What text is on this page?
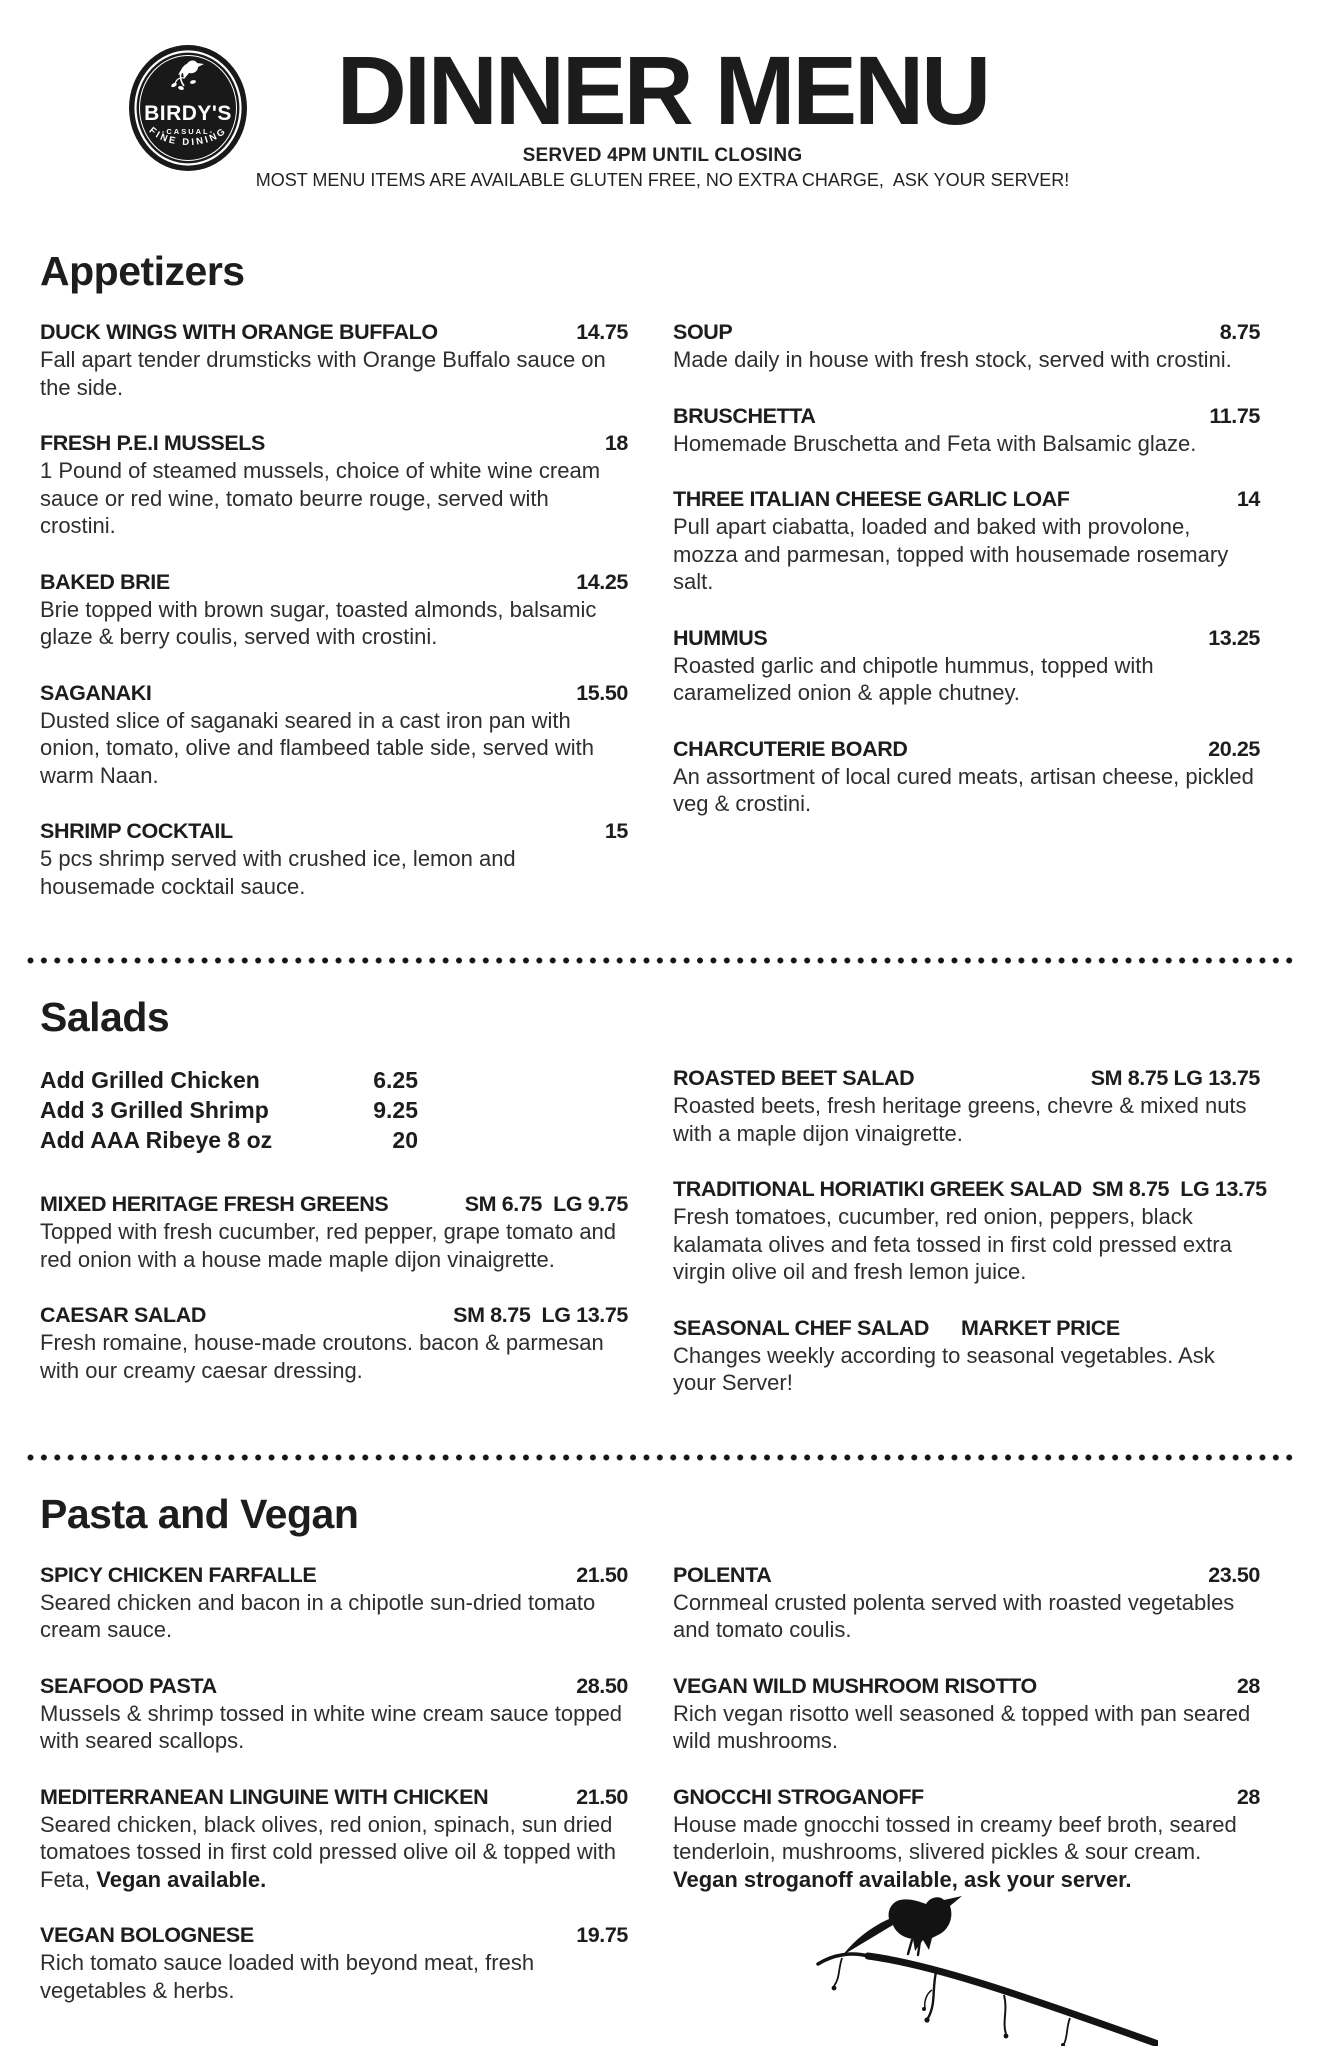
BIRDY'S
-CASUAL-
FINE DINING	DINNER MENU
SERVED 4PM UNTIL CLOSING
MOST MENU ITEMS ARE AVAILABLE GLUTEN FREE, NO EXTRA CHARGE,  ASK YOUR SERVER!
Appetizers
DUCK WINGS WITH ORANGE BUFFALO	14.75
Fall apart tender drumsticks with Orange Buffalo sauce on the side.
FRESH P.E.I MUSSELS	18
1 Pound of steamed mussels, choice of white wine cream sauce or red wine, tomato beurre rouge, served with crostini.
BAKED BRIE	14.25
Brie topped with brown sugar, toasted almonds, balsamic glaze & berry coulis, served with crostini.
SAGANAKI	15.50
Dusted slice of saganaki seared in a cast iron pan with onion, tomato, olive and flambeed table side, served with warm Naan.
SHRIMP COCKTAIL	15
5 pcs shrimp served with crushed ice, lemon and housemade cocktail sauce.
SOUP	8.75
Made daily in house with fresh stock, served with crostini.
BRUSCHETTA	11.75
Homemade Bruschetta and Feta with Balsamic glaze.
THREE ITALIAN CHEESE GARLIC LOAF	14
Pull apart ciabatta, loaded and baked with provolone, mozza and parmesan, topped with housemade rosemary salt.
HUMMUS	13.25
Roasted garlic and chipotle hummus, topped with caramelized onion & apple chutney.
CHARCUTERIE BOARD	20.25
An assortment of local cured meats, artisan cheese, pickled veg & crostini.
Salads
Add Grilled Chicken	6.25
Add 3 Grilled Shrimp	9.25
Add AAA Ribeye 8 oz	20
MIXED HERITAGE FRESH GREENS	SM 6.75  LG 9.75
Topped with fresh cucumber, red pepper, grape tomato and red onion with a house made maple dijon vinaigrette.
CAESAR SALAD	SM 8.75  LG 13.75
Fresh romaine, house-made croutons. bacon & parmesan with our creamy caesar dressing.
ROASTED BEET SALAD	SM 8.75 LG 13.75
Roasted beets, fresh heritage greens, chevre & mixed nuts with a maple dijon vinaigrette.
TRADITIONAL HORIATIKI GREEK SALAD SM 8.75  LG 13.75
Fresh tomatoes, cucumber, red onion, peppers, black kalamata olives and feta tossed in first cold pressed extra virgin olive oil and fresh lemon juice.
SEASONAL CHEF SALAD	MARKET PRICE
Changes weekly according to seasonal vegetables. Ask your Server!
Pasta and Vegan
SPICY CHICKEN FARFALLE	21.50
Seared chicken and bacon in a chipotle sun-dried tomato cream sauce.
SEAFOOD PASTA	28.50
Mussels & shrimp tossed in white wine cream sauce topped with seared scallops.
MEDITERRANEAN LINGUINE WITH CHICKEN	21.50
Seared chicken, black olives, red onion, spinach, sun dried tomatoes tossed in first cold pressed olive oil & topped with Feta, Vegan available.
VEGAN BOLOGNESE	19.75
Rich tomato sauce loaded with beyond meat, fresh vegetables & herbs.
POLENTA	23.50
Cornmeal crusted polenta served with roasted vegetables and tomato coulis.
VEGAN WILD MUSHROOM RISOTTO	28
Rich vegan risotto well seasoned & topped with pan seared wild mushrooms.
GNOCCHI STROGANOFF	28
House made gnocchi tossed in creamy beef broth, seared tenderloin, mushrooms, slivered pickles & sour cream. Vegan stroganoff available, ask your server.
